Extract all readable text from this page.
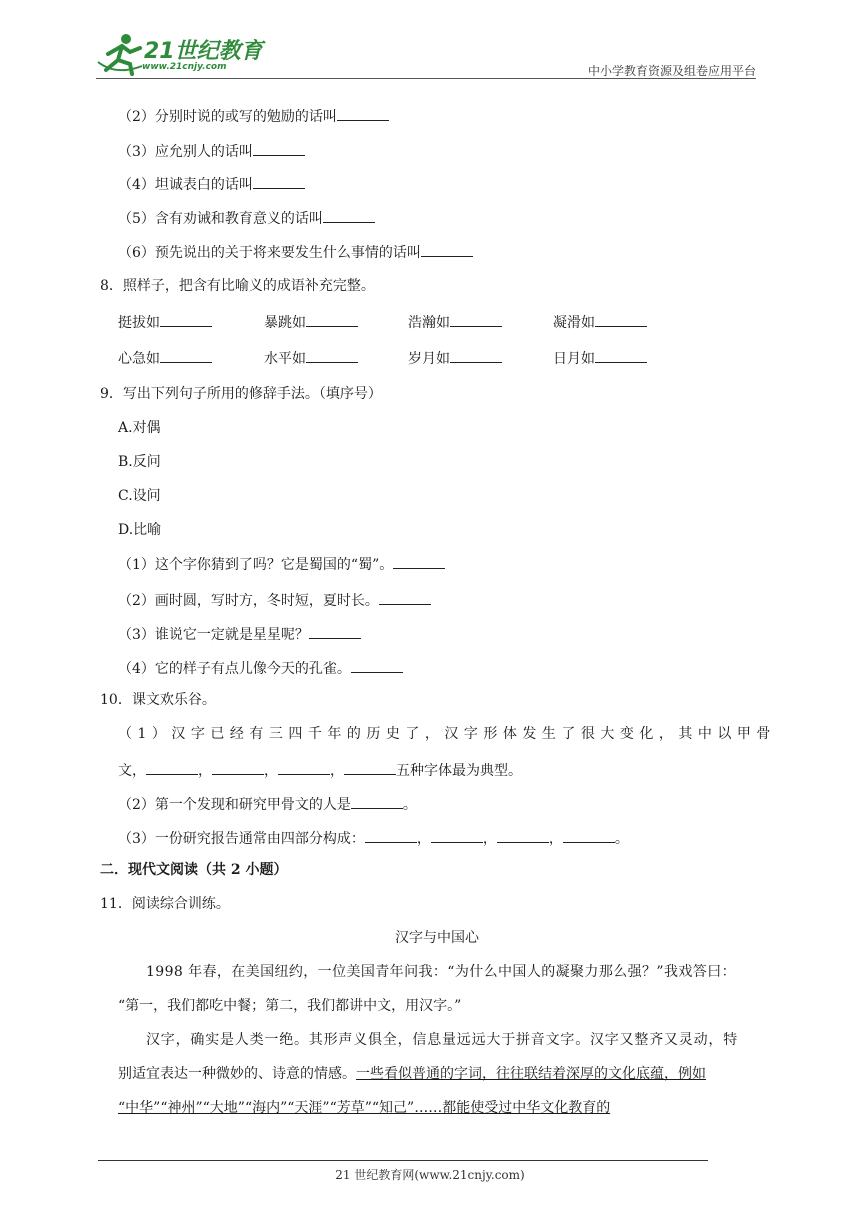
21世纪教育
www.21cnjy.com	中小学教育资源及组卷应用平台
（2）分别时说的或写的勉励的话叫
（3）应允别人的话叫
（4）坦诚表白的话叫
（5）含有劝诫和教育意义的话叫
（6）预先说出的关于将来要发生什么事情的话叫
8．照样子，把含有比喻义的成语补充完整。
挺拔如	暴跳如	浩瀚如	凝滑如
心急如	水平如	岁月如	日月如
9．写出下列句子所用的修辞手法。（填序号）
A.对偶
B.反问
C.设问
D.比喻
（1）这个字你猜到了吗？它是蜀国的“蜀”。
（2）画时圆，写时方，冬时短，夏时长。
（3）谁说它一定就是星星呢？
（4）它的样子有点儿像今天的孔雀。
10．课文欢乐谷。
（1）汉字已经有三四千年的历史了，汉字形体发生了很大变化，其中以甲骨
文，	，	，	，	五种字体最为典型。
（2）第一个发现和研究甲骨文的人是	。
（3）一份研究报告通常由四部分构成：	，	，	，	。
二．现代文阅读（共 2 小题）
11．阅读综合训练。
汉字与中国心
1998 年春，在美国纽约，一位美国青年问我：“为什么中国人的凝聚力那么强？”我戏答曰：
“第一，我们都吃中餐；第二，我们都讲中文，用汉字。”
汉字，确实是人类一绝。其形声义俱全，信息量远远大于拼音文字。汉字又整齐又灵动，特
别适宜表达一种微妙的、诗意的情感。一些看似普通的字词，往往联结着深厚的文化底蕴，例如
“中华”“神州”“大地”“海内”“天涯”“芳草”“知己”……都能使受过中华文化教育的
21 世纪教育网(www.21cnjy.com)
